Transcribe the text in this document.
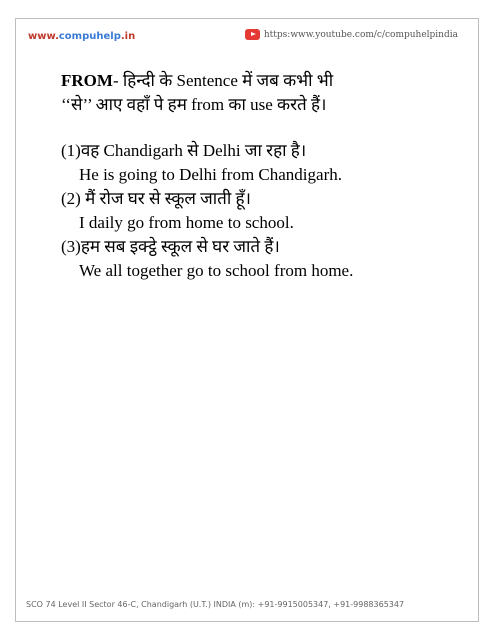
www.compuhelp.in	https:www.youtube.com/c/compuhelpindia
FROM- हिन्दी के Sentence में जब कभी भी
‘‘से’’ आए वहाँ पे हम from का use करते हैं।
(1)वह Chandigarh से Delhi जा रहा है।
He is going to Delhi from Chandigarh.
(2) मैं रोज घर से स्कूल जाती हूँ।
I daily go from home to school.
(3)हम सब इक्ट्ठे स्कूल से घर जाते हैं।
We all together go to school from home.
SCO 74 Level II Sector 46-C, Chandigarh (U.T.) INDIA (m): +91-9915005347, +91-9988365347
